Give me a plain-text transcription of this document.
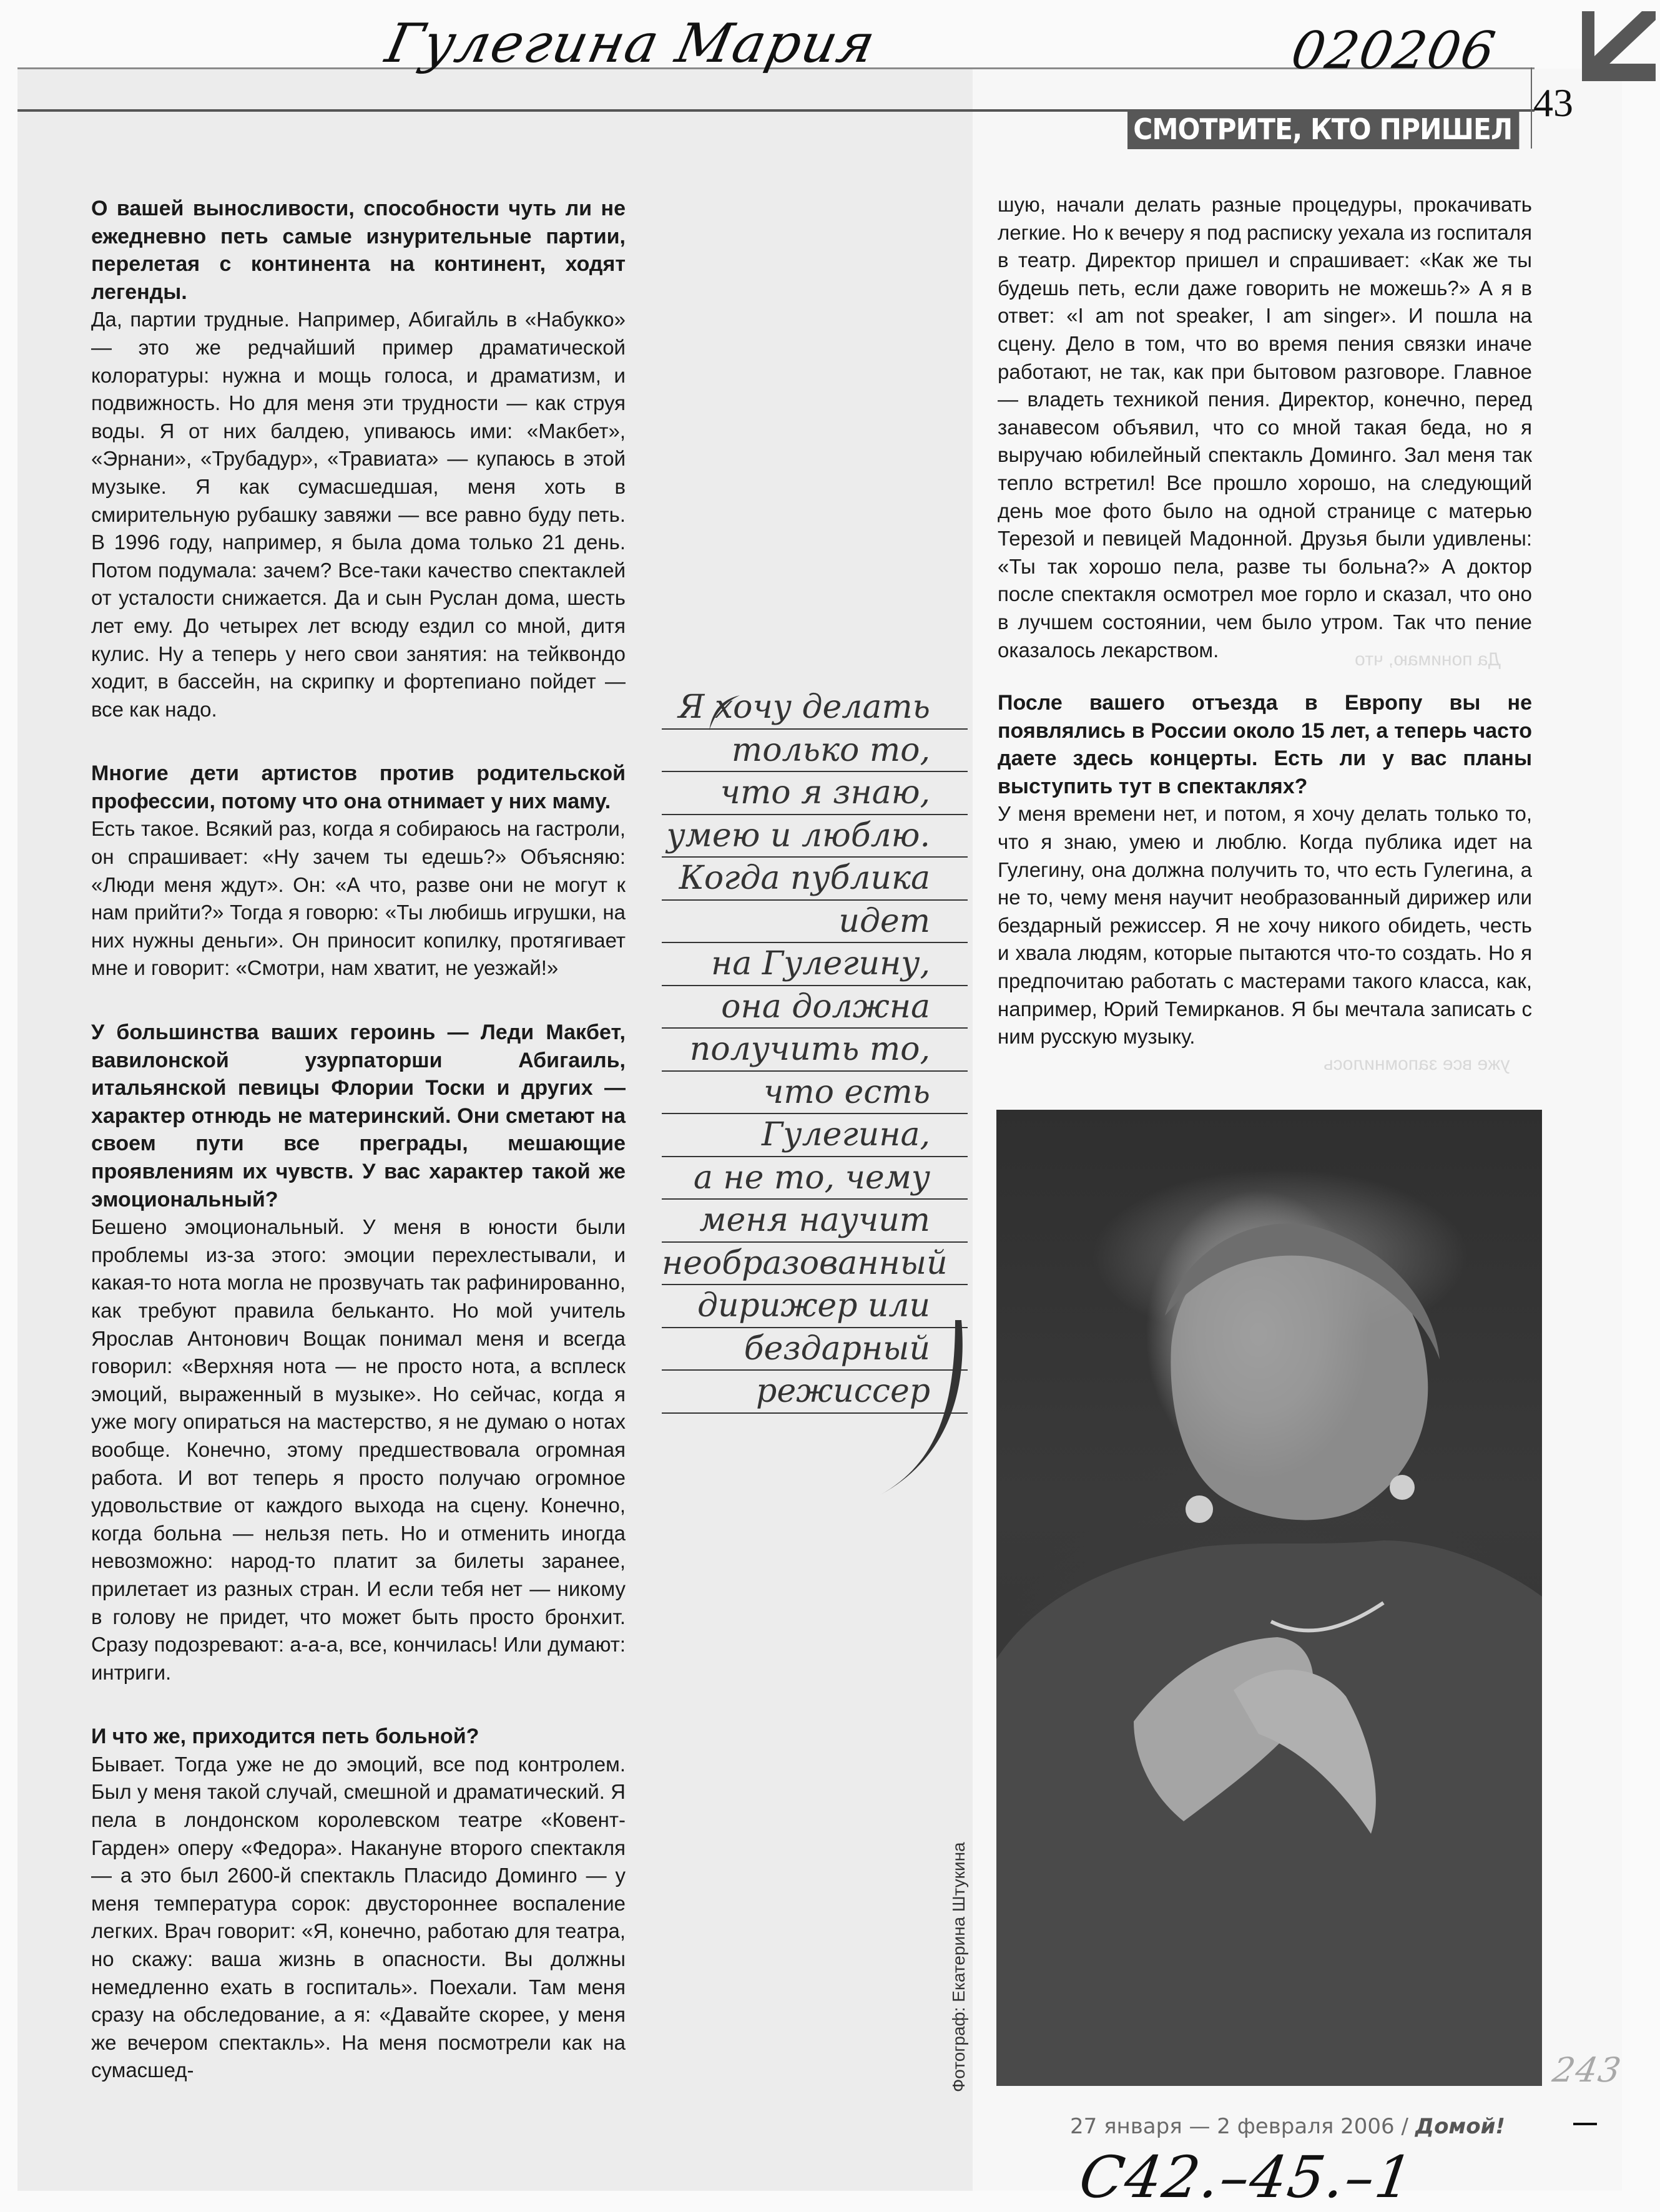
Гулегина Мария	020206
43
СМОТРИТЕ, КТО ПРИШЕЛ

О вашей выносливости, способности чуть ли не ежедневно петь самые изнурительные партии, перелетая с континента на континент, ходят легенды.

Да, партии трудные. Например, Абигайль в «Набукко» — это же редчайший пример драматической колоратуры: нужна и мощь голоса, и драматизм, и подвижность. Но для меня эти трудности — как струя воды. Я от них балдею, упиваюсь ими: «Макбет», «Эрнани», «Трубадур», «Травиата» — купаюсь в этой музыке. Я как сумасшедшая, меня хоть в смирительную рубашку завяжи — все равно буду петь. В 1996 году, например, я была дома только 21 день. Потом подумала: зачем? Все-таки качество спектаклей от усталости снижается. Да и сын Руслан дома, шесть лет ему. До четырех лет всюду ездил со мной, дитя кулис. Ну а теперь у него свои занятия: на тейквондо ходит, в бассейн, на скрипку и фортепиано пойдет — все как надо.

Многие дети артистов против родительской профессии, потому что она отнимает у них маму.

Есть такое. Всякий раз, когда я собираюсь на гастроли, он спрашивает: «Ну зачем ты едешь?» Объясняю: «Люди меня ждут». Он: «А что, разве они не могут к нам прийти?» Тогда я говорю: «Ты любишь игрушки, на них нужны деньги». Он приносит копилку, протягивает мне и говорит: «Смотри, нам хватит, не уезжай!»

У большинства ваших героинь — Леди Макбет, вавилонской узурпаторши Абигаиль, итальянской певицы Флории Тоски и других — характер отнюдь не материнский. Они сметают на своем пути все преграды, мешающие проявлениям их чувств. У вас характер такой же эмоциональный?

Бешено эмоциональный. У меня в юности были проблемы из-за этого: эмоции перехлестывали, и какая-то нота могла не прозвучать так рафинированно, как требуют правила бельканто. Но мой учитель Ярослав Антонович Вощак понимал меня и всегда говорил: «Верхняя нота — не просто нота, а всплеск эмоций, выраженный в музыке». Но сейчас, когда я уже могу опираться на мастерство, я не думаю о нотах вообще. Конечно, этому предшествовала огромная работа. И вот теперь я просто получаю огромное удовольствие от каждого выхода на сцену. Конечно, когда больна — нельзя петь. Но и отменить иногда невозможно: народ-то платит за билеты заранее, прилетает из разных стран. И если тебя нет — никому в голову не придет, что может быть просто бронхит. Сразу подозревают: а-а-а, все, кончилась! Или думают: интриги.

И что же, приходится петь больной?

Бывает. Тогда уже не до эмоций, все под контролем. Был у меня такой случай, смешной и драматический. Я пела в лондонском королевском театре «Ковент-Гарден» оперу «Федора». Накануне второго спектакля — а это был 2600-й спектакль Пласидо Доминго — у меня температура сорок: двустороннее воспаление легких. Врач говорит: «Я, конечно, работаю для театра, но скажу: ваша жизнь в опасности. Вы должны немедленно ехать в госпиталь». Поехали. Там меня сразу на обследование, а я: «Давайте скорее, у меня же вечером спектакль». На меня посмотрели как на сумасшед-

шую, начали делать разные процедуры, прокачивать легкие. Но к вечеру я под расписку уехала из госпиталя в театр. Директор пришел и спрашивает: «Как же ты будешь петь, если даже говорить не можешь?» А я в ответ: «I am not speaker, I am singer». И пошла на сцену. Дело в том, что во время пения связки иначе работают, не так, как при бытовом разговоре. Главное — владеть техникой пения. Директор, конечно, перед занавесом объявил, что со мной такая беда, но я выручаю юбилейный спектакль Доминго. Зал меня так тепло встретил! Все прошло хорошо, на следующий день мое фото было на одной странице с матерью Терезой и певицей Мадонной. Друзья были удивлены: «Ты так хорошо пела, разве ты больна?» А доктор после спектакля осмотрел мое горло и сказал, что оно в лучшем состоянии, чем было утром. Так что пение оказалось лекарством.

После вашего отъезда в Европу вы не появлялись в России около 15 лет, а теперь часто даете здесь концерты. Есть ли у вас планы выступить тут в спектаклях?

У меня времени нет, и потом, я хочу делать только то, что я знаю, умею и люблю. Когда публика идет на Гулегину, она должна получить то, что есть Гулегина, а не то, чему меня научит необразованный дирижер или бездарный режиссер. Я не хочу никого обидеть, честь и хвала людям, которые пытаются что-то создать. Но я предпочитаю работать с мастерами такого класса, как, например, Юрий Темирканов. Я бы мечтала записать с ним русскую музыку.

Я хочу делать
только то,
что я знаю,
умею и люблю.
Когда публика
идет
на Гулегину,
она должна
получить то,
что есть
Гулегина,
а не то, чему
меня научит
необразованный
дирижер или
бездарный
режиссер
Фотограф: Екатерина Штукина
Да понимаю, что
уже все запомнилось
27 января — 2 февраля 2006 / Домой!
С42.–45.–1
243
